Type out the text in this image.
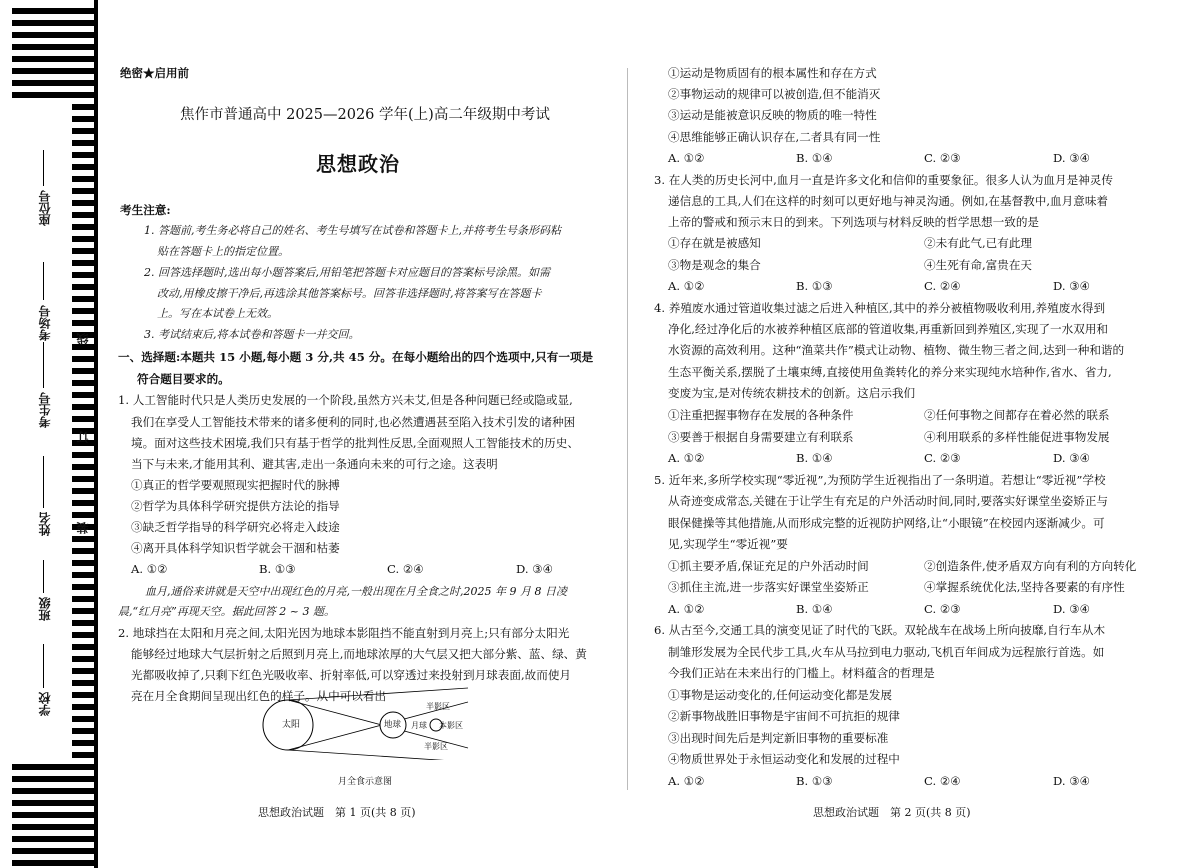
座位号
考场号
考生号
姓名
班级
学校
线
订
装
绝密★启用前
焦作市普通高中 2025—2026 学年(上)高二年级期中考试
思想政治
考生注意:
1. 答题前,考生务必将自己的姓名、考生号填写在试卷和答题卡上,并将考生号条形码粘
贴在答题卡上的指定位置。
2. 回答选择题时,选出每小题答案后,用铅笔把答题卡对应题目的答案标号涂黑。如需
改动,用橡皮擦干净后,再选涂其他答案标号。回答非选择题时,将答案写在答题卡
上。写在本试卷上无效。
3. 考试结束后,将本试卷和答题卡一并交回。
一、选择题:本题共 15 小题,每小题 3 分,共 45 分。在每小题给出的四个选项中,只有一项是
符合题目要求的。
1. 人工智能时代只是人类历史发展的一个阶段,虽然方兴未艾,但是各种问题已经或隐或显,
我们在享受人工智能技术带来的诸多便利的同时,也必然遭遇甚至陷入技术引发的诸种困
境。面对这些技术困境,我们只有基于哲学的批判性反思,全面观照人工智能技术的历史、
当下与未来,才能用其利、避其害,走出一条通向未来的可行之途。这表明
①真正的哲学要观照现实把握时代的脉搏
②哲学为具体科学研究提供方法论的指导
③缺乏哲学指导的科学研究必将走入歧途
④离开具体科学知识哲学就会干涸和枯萎
A. ①②	B. ①③	C. ②④	D. ③④
血月,通俗来讲就是天空中出现红色的月亮,一般出现在月全食之时,2025 年 9 月 8 日凌
晨,“红月亮”再现天空。据此回答 2 ~ 3 题。
2. 地球挡在太阳和月亮之间,太阳光因为地球本影阻挡不能直射到月亮上;只有部分太阳光
能够经过地球大气层折射之后照到月亮上,而地球浓厚的大气层又把大部分紫、蓝、绿、黄
光都吸收掉了,只剩下红色光吸收率、折射率低,可以穿透过来投射到月球表面,故而使月
亮在月全食期间呈现出红色的样子。从中可以看出
太阳	地球 月球
半影区
本影区
半影区
月全食示意图
思想政治试题　第 1 页(共 8 页)
①运动是物质固有的根本属性和存在方式
②事物运动的规律可以被创造,但不能消灭
③运动是能被意识反映的物质的唯一特性
④思维能够正确认识存在,二者具有同一性
A. ①②	B. ①④	C. ②③	D. ③④
3. 在人类的历史长河中,血月一直是许多文化和信仰的重要象征。很多人认为血月是神灵传
递信息的工具,人们在这样的时刻可以更好地与神灵沟通。例如,在基督教中,血月意味着
上帝的警戒和预示末日的到来。下列选项与材料反映的哲学思想一致的是
①存在就是被感知	②未有此气,已有此理
③物是观念的集合	④生死有命,富贵在天
A. ①②	B. ①③	C. ②④	D. ③④
4. 养殖废水通过管道收集过滤之后进入种植区,其中的养分被植物吸收利用,养殖废水得到
净化,经过净化后的水被养种植区底部的管道收集,再重新回到养殖区,实现了一水双用和
水资源的高效利用。这种“渔菜共作”模式让动物、植物、微生物三者之间,达到一种和谐的
生态平衡关系,摆脱了土壤束缚,直接使用鱼粪转化的养分来实现纯水培种作,省水、省力,
变废为宝,是对传统农耕技术的创新。这启示我们
①注重把握事物存在发展的各种条件	②任何事物之间都存在着必然的联系
③要善于根据自身需要建立有利联系	④利用联系的多样性能促进事物发展
A. ①②	B. ①④	C. ②③	D. ③④
5. 近年来,多所学校实现“零近视”,为预防学生近视指出了一条明道。若想让“零近视”学校
从奇迹变成常态,关键在于让学生有充足的户外活动时间,同时,要落实好课堂坐姿矫正与
眼保健操等其他措施,从而形成完整的近视防护网络,让“小眼镜”在校园内逐渐减少。可
见,实现学生“零近视”要
①抓主要矛盾,保证充足的户外活动时间	②创造条件,使矛盾双方向有利的方向转化
③抓住主流,进一步落实好课堂坐姿矫正	④掌握系统优化法,坚持各要素的有序性
A. ①②	B. ①④	C. ②③	D. ③④
6. 从古至今,交通工具的演变见证了时代的飞跃。双轮战车在战场上所向披靡,自行车从木
制雏形发展为全民代步工具,火车从马拉到电力驱动,飞机百年间成为远程旅行首选。如
今我们正站在未来出行的门槛上。材料蕴含的哲理是
①事物是运动变化的,任何运动变化都是发展
②新事物战胜旧事物是宇宙间不可抗拒的规律
③出现时间先后是判定新旧事物的重要标准
④物质世界处于永恒运动变化和发展的过程中
A. ①②	B. ①③	C. ②④	D. ③④
思想政治试题　第 2 页(共 8 页)
